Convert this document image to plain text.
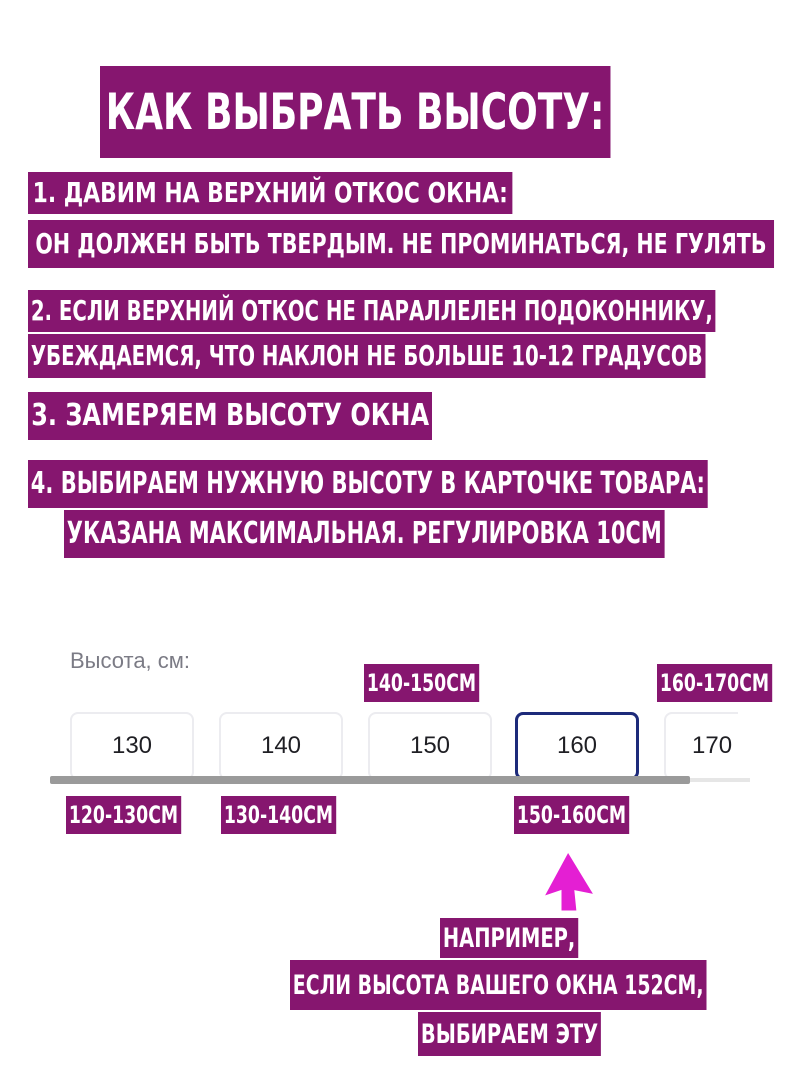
КАК ВЫБРАТЬ ВЫСОТУ:
1. ДАВИМ НА ВЕРХНИЙ ОТКОС ОКНА:
ОН ДОЛЖЕН БЫТЬ ТВЕРДЫМ. НЕ ПРОМИНАТЬСЯ, НЕ ГУЛЯТЬ
2. ЕСЛИ ВЕРХНИЙ ОТКОС НЕ ПАРАЛЛЕЛЕН ПОДОКОННИКУ,
УБЕЖДАЕМСЯ, ЧТО НАКЛОН НЕ БОЛЬШЕ 10-12 ГРАДУСОВ
3. ЗАМЕРЯЕМ ВЫСОТУ ОКНА
4. ВЫБИРАЕМ НУЖНУЮ ВЫСОТУ В КАРТОЧКЕ ТОВАРА:
УКАЗАНА МАКСИМАЛЬНАЯ. РЕГУЛИРОВКА 10СМ
Высота, см:
130	140	150	160	170
140-150СМ	160-170СМ
120-130СМ 130-140СМ	150-160СМ
НАПРИМЕР,
ЕСЛИ ВЫСОТА ВАШЕГО ОКНА 152СМ,
ВЫБИРАЕМ ЭТУ
